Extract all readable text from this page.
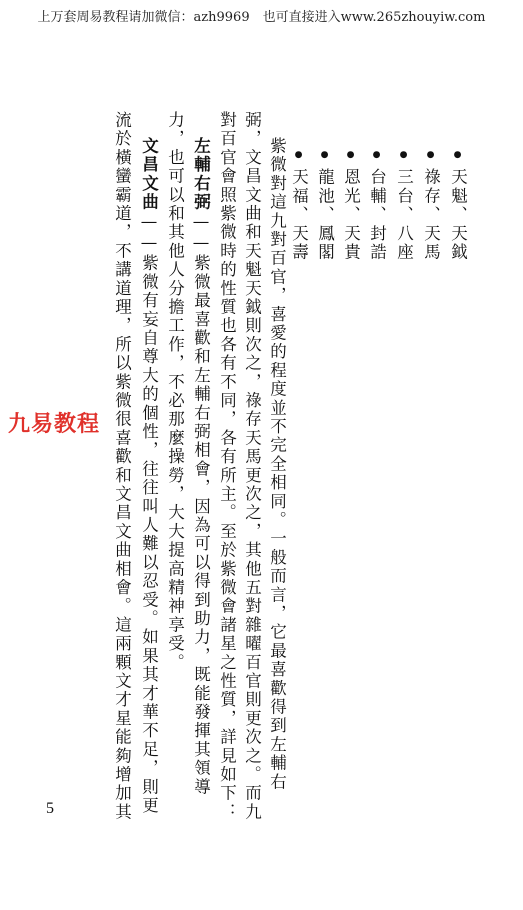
上万套周易教程请加微信：azh9969　也可直接进入www.265zhouyiw.com
●天魁、天鉞
●祿存、天馬
●三台、八座
●台輔、封誥
●恩光、天貴
●龍池、鳳閣
●天福、天壽
紫微對這九對百官，喜愛的程度並不完全相同。一般而言，它最喜歡得到左輔右
弼，文昌文曲和天魁天鉞則次之，祿存天馬更次之，其他五對雜曜百官則更次之。而九
對百官會照紫微時的性質也各有不同，各有所主。至於紫微會諸星之性質，詳見如下：
左輔右弼——紫微最喜歡和左輔右弼相會，因為可以得到助力，既能發揮其領導
力，也可以和其他人分擔工作，不必那麼操勞，大大提高精神享受。
文昌文曲——紫微有妄自尊大的個性，往往叫人難以忍受。如果其才華不足，則更
流於橫蠻霸道，不講道理，所以紫微很喜歡和文昌文曲相會。這兩顆文才星能夠增加其
九易教程
5
